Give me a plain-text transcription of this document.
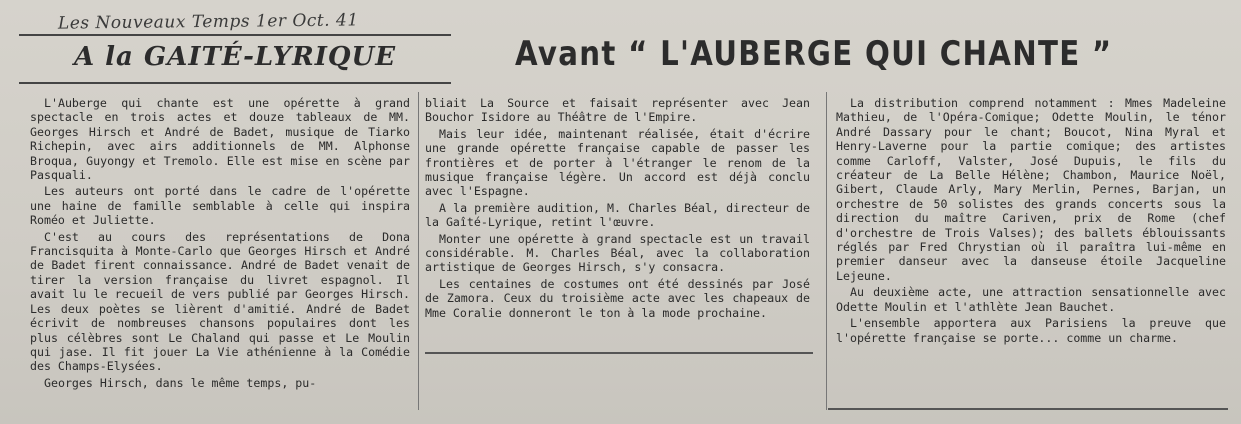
Les Nouveaux Temps 1er Oct. 41
A la GAITÉ-LYRIQUE	Avant “ L'AUBERGE QUI CHANTE ”

L'Auberge qui chante est une opérette à grand spectacle en trois actes et douze tableaux de MM. Georges Hirsch et André de Badet, musique de Tiarko Richepin, avec airs additionnels de MM. Alphonse Broqua, Guyongy et Tremolo. Elle est mise en scène par Pasquali.

Les auteurs ont porté dans le cadre de l'opérette une haine de famille semblable à celle qui inspira Roméo et Juliette.

C'est au cours des représentations de Dona Francisquita à Monte-Carlo que Georges Hirsch et André de Badet firent connaissance. André de Badet venait de tirer la version française du livret espagnol. Il avait lu le recueil de vers publié par Georges Hirsch. Les deux poètes se lièrent d'amitié. André de Badet écrivit de nombreuses chansons populaires dont les plus célèbres sont Le Chaland qui passe et Le Moulin qui jase. Il fit jouer La Vie athénienne à la Comédie des Champs-Elysées.

Georges Hirsch, dans le même temps, pu-

bliait La Source et faisait représenter avec Jean Bouchor Isidore au Théâtre de l'Empire.

Mais leur idée, maintenant réalisée, était d'écrire une grande opérette française capable de passer les frontières et de porter à l'étranger le renom de la musique française légère. Un accord est déjà conclu avec l'Espagne.

A la première audition, M. Charles Béal, directeur de la Gaîté-Lyrique, retint l'œuvre.

Monter une opérette à grand spectacle est un travail considérable. M. Charles Béal, avec la collaboration artistique de Georges Hirsch, s'y consacra.

Les centaines de costumes ont été dessinés par José de Zamora. Ceux du troisième acte avec les chapeaux de Mme Coralie donneront le ton à la mode prochaine.

La distribution comprend notamment : Mmes Madeleine Mathieu, de l'Opéra-Comique; Odette Moulin, le ténor André Dassary pour le chant; Boucot, Nina Myral et Henry-Laverne pour la partie comique; des artistes comme Carloff, Valster, José Dupuis, le fils du créateur de La Belle Hélène; Chambon, Maurice Noël, Gibert, Claude Arly, Mary Merlin, Pernes, Barjan, un orchestre de 50 solistes des grands concerts sous la direction du maître Cariven, prix de Rome (chef d'orchestre de Trois Valses); des ballets éblouissants réglés par Fred Chrystian où il paraîtra lui-même en premier danseur avec la danseuse étoile Jacqueline Lejeune.

Au deuxième acte, une attraction sensationnelle avec Odette Moulin et l'athlète Jean Bauchet.

L'ensemble apportera aux Parisiens la preuve que l'opérette française se porte... comme un charme.
